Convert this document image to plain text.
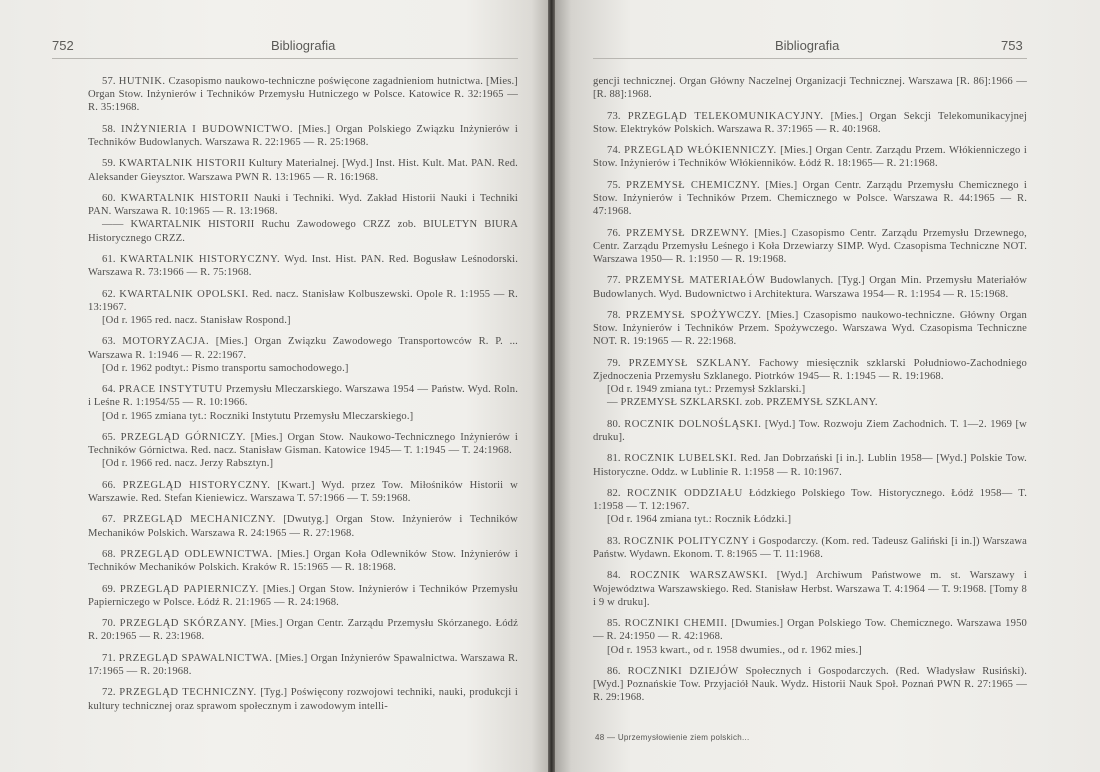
752	Bibliografia

57. HUTNIK. Czasopismo naukowo-techniczne poświęcone zagadnieniom hutnictwa. [Mies.] Organ Stow. Inżynierów i Techników Przemysłu Hutniczego w Polsce. Katowice R. 32:1965 — R. 35:1968.

58. INŻYNIERIA I BUDOWNICTWO. [Mies.] Organ Polskiego Związku Inżynierów i Techników Budowlanych. Warszawa R. 22:1965 — R. 25:1968.

59. KWARTALNIK HISTORII Kultury Materialnej. [Wyd.] Inst. Hist. Kult. Mat. PAN. Red. Aleksander Gieysztor. Warszawa PWN R. 13:1965 — R. 16:1968.

60. KWARTALNIK HISTORII Nauki i Techniki. Wyd. Zakład Historii Nauki i Techniki PAN. Warszawa R. 10:1965 — R. 13:1968.
—— KWARTALNIK HISTORII Ruchu Zawodowego CRZZ zob. BIULETYN BIURA Historycznego CRZZ.

61. KWARTALNIK HISTORYCZNY. Wyd. Inst. Hist. PAN. Red. Bogusław Leśnodorski. Warszawa R. 73:1966 — R. 75:1968.

62. KWARTALNIK OPOLSKI. Red. nacz. Stanisław Kolbuszewski. Opole R. 1:1955 — R. 13:1967.
[Od r. 1965 red. nacz. Stanisław Rospond.]

63. MOTORYZACJA. [Mies.] Organ Związku Zawodowego Transportowców R. P. ... Warszawa R. 1:1946 — R. 22:1967.
[Od r. 1962 podtyt.: Pismo transportu samochodowego.]

64. PRACE INSTYTUTU Przemysłu Mleczarskiego. Warszawa 1954 — Państw. Wyd. Roln. i Leśne R. 1:1954/55 — R. 10:1966.
[Od r. 1965 zmiana tyt.: Roczniki Instytutu Przemysłu Mleczarskiego.]

65. PRZEGLĄD GÓRNICZY. [Mies.] Organ Stow. Naukowo-Technicznego Inżynierów i Techników Górnictwa. Red. nacz. Stanisław Gisman. Katowice 1945— T. 1:1945 — T. 24:1968.
[Od r. 1966 red. nacz. Jerzy Rabsztyn.]

66. PRZEGLĄD HISTORYCZNY. [Kwart.] Wyd. przez Tow. Miłośników Historii w Warszawie. Red. Stefan Kieniewicz. Warszawa T. 57:1966 — T. 59:1968.

67. PRZEGLĄD MECHANICZNY. [Dwutyg.] Organ Stow. Inżynierów i Techników Mechaników Polskich. Warszawa R. 24:1965 — R. 27:1968.

68. PRZEGLĄD ODLEWNICTWA. [Mies.] Organ Koła Odlewników Stow. Inżynierów i Techników Mechaników Polskich. Kraków R. 15:1965 — R. 18:1968.

69. PRZEGLĄD PAPIERNICZY. [Mies.] Organ Stow. Inżynierów i Techników Przemysłu Papierniczego w Polsce. Łódź R. 21:1965 — R. 24:1968.

70. PRZEGLĄD SKÓRZANY. [Mies.] Organ Centr. Zarządu Przemysłu Skórzanego. Łódź R. 20:1965 — R. 23:1968.

71. PRZEGLĄD SPAWALNICTWA. [Mies.] Organ Inżynierów Spawalnictwa. Warszawa R. 17:1965 — R. 20:1968.

72. PRZEGLĄD TECHNICZNY. [Tyg.] Poświęcony rozwojowi techniki, nauki, produkcji i kultury technicznej oraz sprawom społecznym i zawodowym intelli-

Bibliografia	753

gencji technicznej. Organ Główny Naczelnej Organizacji Technicznej. Warszawa [R. 86]:1966 — [R. 88]:1968.

73. PRZEGLĄD TELEKOMUNIKACYJNY. [Mies.] Organ Sekcji Telekomunikacyjnej Stow. Elektryków Polskich. Warszawa R. 37:1965 — R. 40:1968.

74. PRZEGLĄD WŁÓKIENNICZY. [Mies.] Organ Centr. Zarządu Przem. Włókienniczego i Stow. Inżynierów i Techników Włókienników. Łódź R. 18:1965— R. 21:1968.

75. PRZEMYSŁ CHEMICZNY. [Mies.] Organ Centr. Zarządu Przemysłu Chemicznego i Stow. Inżynierów i Techników Przem. Chemicznego w Polsce. Warszawa R. 44:1965 — R. 47:1968.

76. PRZEMYSŁ DRZEWNY. [Mies.] Czasopismo Centr. Zarządu Przemysłu Drzewnego, Centr. Zarządu Przemysłu Leśnego i Koła Drzewiarzy SIMP. Wyd. Czasopisma Techniczne NOT. Warszawa 1950— R. 1:1950 — R. 19:1968.

77. PRZEMYSŁ MATERIAŁÓW Budowlanych. [Tyg.] Organ Min. Przemysłu Materiałów Budowlanych. Wyd. Budownictwo i Architektura. Warszawa 1954— R. 1:1954 — R. 15:1968.

78. PRZEMYSŁ SPOŻYWCZY. [Mies.] Czasopismo naukowo-techniczne. Główny Organ Stow. Inżynierów i Techników Przem. Spożywczego. Warszawa Wyd. Czasopisma Techniczne NOT. R. 19:1965 — R. 22:1968.

79. PRZEMYSŁ SZKLANY. Fachowy miesięcznik szklarski Południowo-Zachodniego Zjednoczenia Przemysłu Szklanego. Piotrków 1945— R. 1:1945 — R. 19:1968.
[Od r. 1949 zmiana tyt.: Przemysł Szklarski.]
— PRZEMYSŁ SZKLARSKI. zob. PRZEMYSŁ SZKLANY.

80. ROCZNIK DOLNOŚLĄSKI. [Wyd.] Tow. Rozwoju Ziem Zachodnich. T. 1—2. 1969 [w druku].

81. ROCZNIK LUBELSKI. Red. Jan Dobrzański [i in.]. Lublin 1958— [Wyd.] Polskie Tow. Historyczne. Oddz. w Lublinie R. 1:1958 — R. 10:1967.

82. ROCZNIK ODDZIAŁU Łódzkiego Polskiego Tow. Historycznego. Łódź 1958— T. 1:1958 — T. 12:1967.
[Od r. 1964 zmiana tyt.: Rocznik Łódzki.]

83. ROCZNIK POLITYCZNY i Gospodarczy. (Kom. red. Tadeusz Galiński [i in.]) Warszawa Państw. Wydawn. Ekonom. T. 8:1965 — T. 11:1968.

84. ROCZNIK WARSZAWSKI. [Wyd.] Archiwum Państwowe m. st. Warszawy i Województwa Warszawskiego. Red. Stanisław Herbst. Warszawa T. 4:1964 — T. 9:1968. [Tomy 8 i 9 w druku].

85. ROCZNIKI CHEMII. [Dwumies.] Organ Polskiego Tow. Chemicznego. Warszawa 1950— R. 24:1950 — R. 42:1968.
[Od r. 1953 kwart., od r. 1958 dwumies., od r. 1962 mies.]

86. ROCZNIKI DZIEJÓW Społecznych i Gospodarczych. (Red. Władysław Rusiński). [Wyd.] Poznańskie Tow. Przyjaciół Nauk. Wydz. Historii Nauk Społ. Poznań PWN R. 27:1965 — R. 29:1968.

48 — Uprzemysłowienie ziem polskich...
